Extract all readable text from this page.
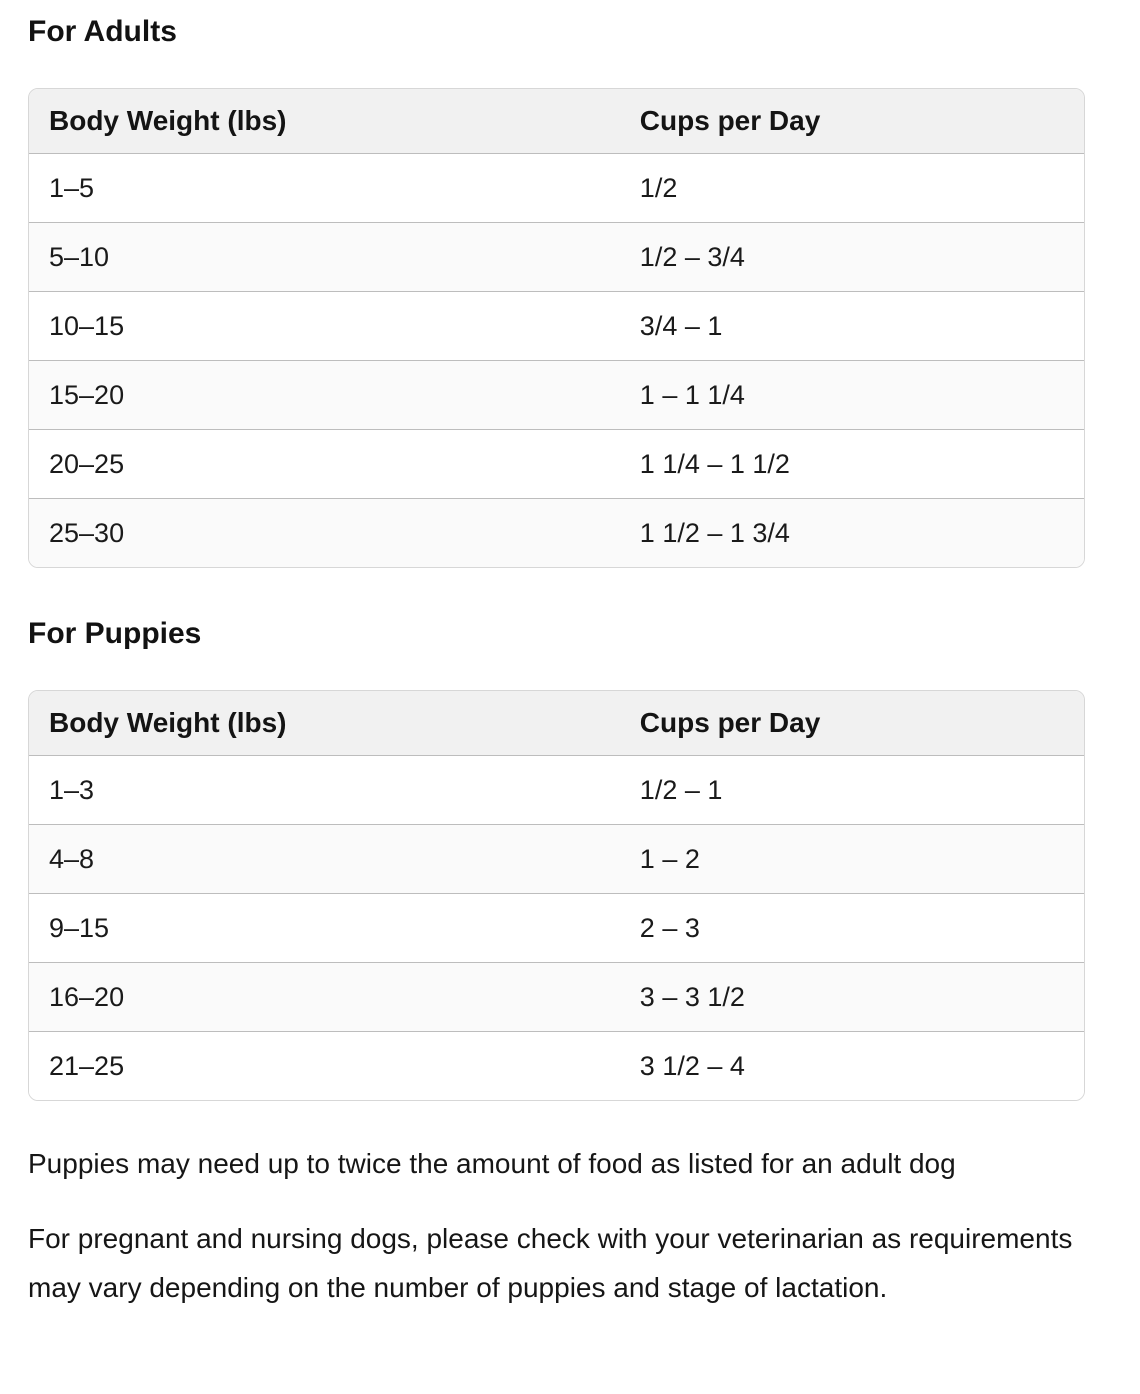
For Adults
Body Weight (lbs)	Cups per Day
1–5	1/2
5–10	1/2 – 3/4
10–15	3/4 – 1
15–20	1 – 1 1/4
20–25	1 1/4 – 1 1/2
25–30	1 1/2 – 1 3/4
For Puppies
Body Weight (lbs)	Cups per Day
1–3	1/2 – 1
4–8	1 – 2
9–15	2 – 3
16–20	3 – 3 1/2
21–25	3 1/2 – 4

Puppies may need up to twice the amount of food as listed for an adult dog

For pregnant and nursing dogs, please check with your veterinarian as requirements may vary depending on the number of puppies and stage of lactation.
